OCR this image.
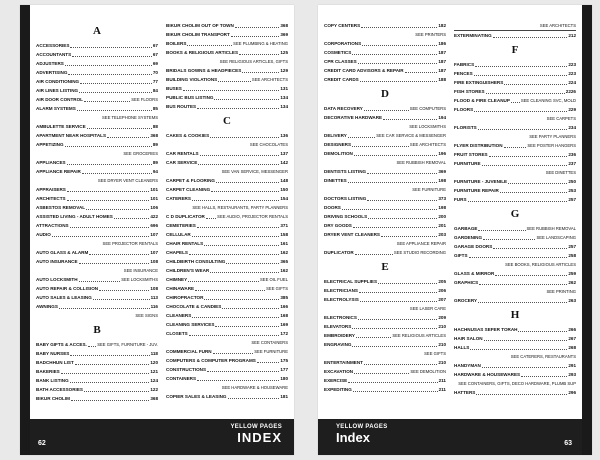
A
ACCESSORIES	67
ACCOUNTANTS	67
ADJUSTERS	69
ADVERTISING	70
AIR CONDITIONING	77
AIR LINES LISTING	84
AIR DOOR CONTROL	SEE FLOORS
ALARM SYSTEMS	85
SEE TELEPHONE SYSTEMS
AMBULETTE SERVICE	88
APARTMENT NEAR HOSPITALS	368
APPETIZING	89
SEE GROCERIES
APPLIANCES	89
APPLIANCE REPAIR	94
SEE DRYER VENT CLEANERS
APPRAISERS	101
ARCHITECTS	101
ASBESTOS REMOVAL	106
ASSISTED LIVING - ADULT HOMES	422
ATTRACTIONS	696
AUDIO	107
SEE PROJECTOR RENTALS
AUTO GLASS & ALARM	107
AUTO INSURANCE	108
SEE INSURANCE
AUTO LOCKSMITH	SEE LOCKSMITHS
AUTO REPAIR & COLLISION	108
AUTO SALES & LEASING	113
AWNINGS	116
SEE SIGNS
B
BABY GIFTS & ACCES. SEE GIFTS, FURNITURE - JUV.
BABY NURSES	118
BADCHHUN LIST	120
BAKERIES	121
BANK LISTING	124
BATH ACCESSORIES	122
BIKUR CHOLIM	368
BIKUR CHOLIM OUT OF TOWN	368
BIKUR CHOLIM TRANSPORT	369
BOILERS	SEE PLUMBING & HEATING
BOOKS & RELIGIOUS ARTICLES	125
SEE RELIGIOUS ARTICLES, GIFTS
BRIDALS GOWNS & HEADPIECES	129
BUILDING VIOLATIONS	SEE ARCHITECTS
BUSES	131
PUBLIC BUS LISTING	134
BUS ROUTES	134
C
CAKES & COOKIES	136
SEE CHOCOLATES
CAR RENTALS	137
CAR SERVICE	142
SEE VAN SERVICE, MESSENGER
CARPET & FLOORING	148
CARPET CLEANING	150
CATERERS	154
SEE HALLS, RESTAURANTS, PARTY PLANNERS
C D DUPLICATOR	SEE AUDIO, PROJECTOR RENTALS
CEMETERIES	371
CELLULAR	158
CHAIR RENTALS	161
CHAPELS	162
CHILDBIRTH CONSULTING	365
CHILDREN'S WEAR	162
CHIMNEY	SEE OIL FUEL
CHINAWARE	SEE GIFTS
CHIROPRACTOR	385
CHOCOLATE & CANDIES	166
CLEANERS	168
CLEANING SERVICES	169
CLOSETS	172
SEE CONTAINERS
COMMERCIAL FURN	SEE FURNITURE
COMPUTERS & COMPUTER PROGRAMS	175
CONSTRUCTIONS	177
CONTAINERS	180
SEE HARDWARE & HOUSEWARE
COPIER SALES & LEASING	181
62
YELLOW PAGES
INDEX
COPY CENTERS	182
SEE PRINTERS
CORPORATIONS	186
COSMETICS	187
CPR CLASSES	187
CREDIT CARD ADVISORS & REPAIR	187
CREDIT CARDS	188
D
DATA RECOVERY	SEE COMPUTERS
DECORATIVE HARDWARE	194
SEE LOCKSMITHS
DELIVERY	SEE CAR SERVICE & MESSENGER
DESIGNERS	SEE ARCHITECTS
DEMOLITION	196
SEE RUBBISH REMOVAL
DENTISTS LISTING	369
DINETTES	198
SEE FURNITURE
DOCTORS LISTING	373
DOORS	198
DRIVING SCHOOLS	200
DRY GOODS	201
DRYER VENT CLEANERS	203
SEE APPLIANCE REPAIR
DUPLICATOR	SEE STUDIO RECORDING
E
ELECTRICAL SUPPLIES	205
ELECTRICIANS	206
ELECTROLYSIS	207
SEE LASER CARE
ELECTRONICS	209
ELEVATORS	210
EMBROIDERY	SEE RELIGIOUS ARTICLES
ENGRAVING	210
SEE GIFTS
ENTERTAINMENT	210
EXCAVATION	SEE DEMOLITION
EXERCISE	211
EXPEDITING	211
SEE ARCHITECTS
EXTERMINATING	212
F
FABRICS	223
FENCES	223
FIRE EXTINGUISHERS	224
FISH STORES	2226
FLOOD & FIRE CLEANUP	SEE CLEANING SVC, MOLD
FLOORS	229
SEE CARPETS
FLORISTS	234
SEE PARTY PLANNERS
FLYER DISTRIBUTION	SEE POSTER HANGERS
FRUIT STORES	236
FURNITURE	237
SEE DINETTES
FURNITURE - JUVENILE	250
FURNITURE REPAIR	253
FURS	257
G
GARBAGE	SEE RUBBISH REMOVAL
GARDENING	SEE LANDSCAPING
GARAGE DOORS	257
GIFTS	258
SEE BOOKS, RELIGIOUS ARTICLES
GLASS & MIRROR	259
GRAPHICS	262
SEE PRINTING
GROCERY	263
H
HACHNUSAS SEFER TORAH	266
HAIR SALON	267
HALLS	268
SEE CATERERS, RESTAURANTS
HANDYMAN	291
HARDWARE & HOUSEWARES	293
SEE CONTAINERS, GIFTS, DECO HARDWARE, PLUMB SUP
HATTERS	296
63
YELLOW PAGES
Index
